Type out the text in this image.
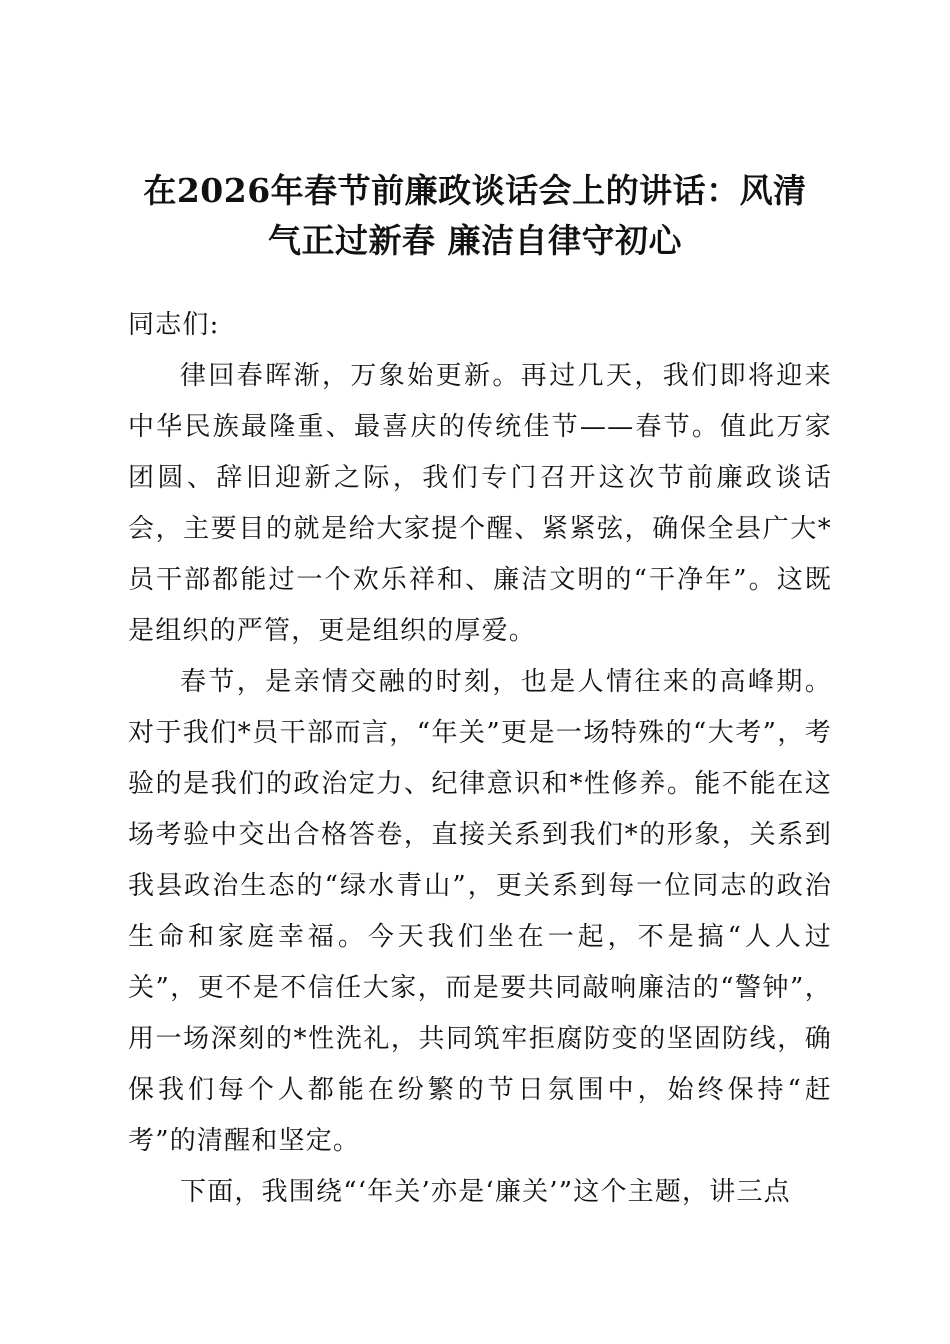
在2026年春节前廉政谈话会上的讲话：风清
气正过新春 廉洁自律守初心

同志们:

律回春晖渐，万象始更新。再过几天，我们即将迎来中华民族最隆重、最喜庆的传统佳节——春节。值此万家团圆、辞旧迎新之际，我们专门召开这次节前廉政谈话会，主要目的就是给大家提个醒、紧紧弦，确保全县广大*员干部都能过一个欢乐祥和、廉洁文明的“干净年”。这既是组织的严管，更是组织的厚爱。

春节，是亲情交融的时刻，也是人情往来的高峰期。对于我们*员干部而言，“年关”更是一场特殊的“大考”，考验的是我们的政治定力、纪律意识和*性修养。能不能在这场考验中交出合格答卷，直接关系到我们*的形象，关系到我县政治生态的“绿水青山”，更关系到每一位同志的政治生命和家庭幸福。今天我们坐在一起，不是搞“人人过关”，更不是不信任大家，而是要共同敲响廉洁的“警钟”，用一场深刻的*性洗礼，共同筑牢拒腐防变的坚固防线，确保我们每个人都能在纷繁的节日氛围中，始终保持“赶考”的清醒和坚定。

下面，我围绕“‘年关’亦是‘廉关’”这个主题，讲三点
